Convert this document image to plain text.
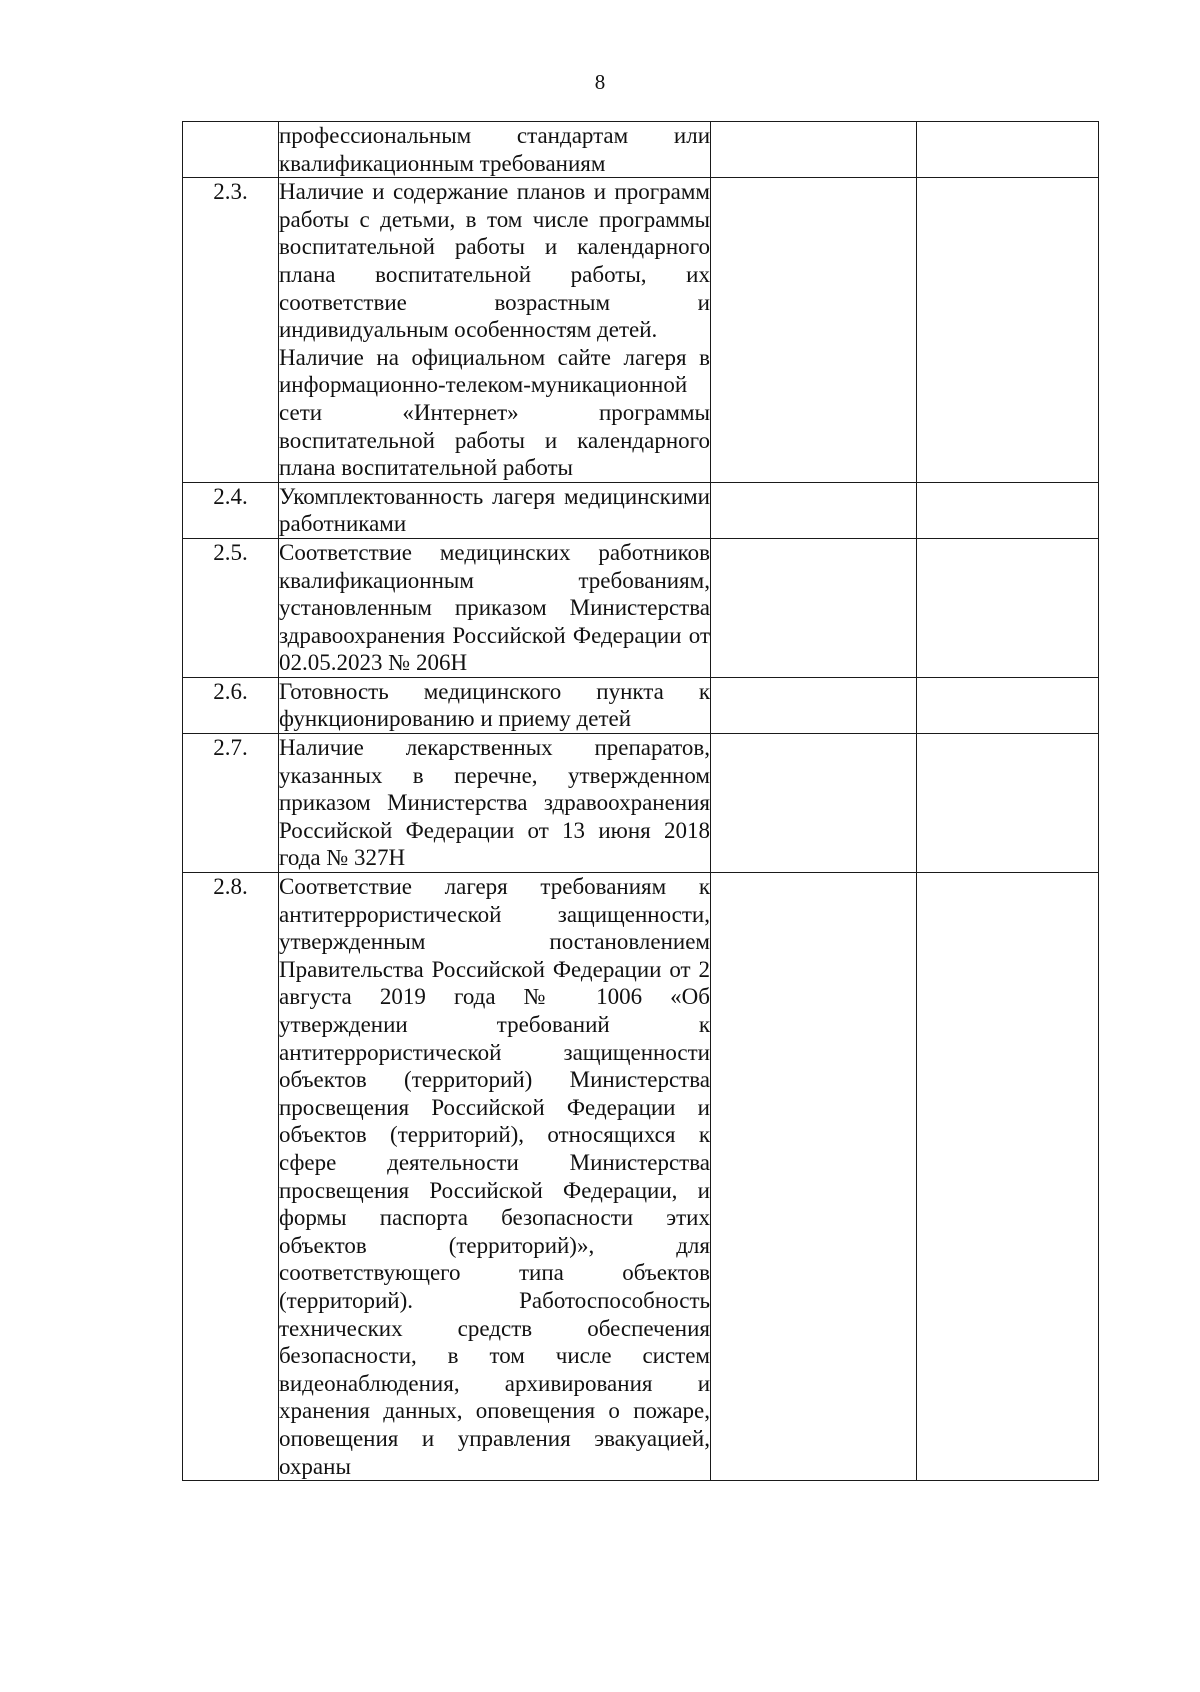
8

	профессиональным стандартам или квалификационным требованиям		

2.3.	Наличие и содержание планов и программ работы с детьми, в том числе программы воспитательной работы и календарного плана воспитательной работы, их соответствие возрастным и индивидуальным особенностям детей.
Наличие на официальном сайте лагеря в информационно-телеком-муникационной сети «Интернет» программы воспитательной работы и календарного плана воспитательной работы		

2.4.	Укомплектованность лагеря медицинскими работниками		

2.5.	Соответствие медицинских работников квалификационным требованиям, установленным приказом Министерства здравоохранения Российской Федерации от 02.05.2023 № 206Н		

2.6.	Готовность медицинского пункта к функционированию и приему детей		

2.7.	Наличие лекарственных препаратов, указанных в перечне, утвержденном приказом Министерства здравоохранения Российской Федерации от 13 июня 2018 года № 327Н		

2.8.	Соответствие лагеря требованиям к антитеррористической защищенности, утвержденным постановлением Правительства Российской Федерации от 2 августа 2019 года № 1006 «Об утверждении требований к антитеррористической защищенности объектов (территорий) Министерства просвещения Российской Федерации и объектов (территорий), относящихся к сфере деятельности Министерства просвещения Российской Федерации, и формы паспорта безопасности этих объектов (территорий)», для соответствующего типа объектов (территорий). Работоспособность технических средств обеспечения безопасности, в том числе систем видеонаблюдения, архивирования и хранения данных, оповещения о пожаре, оповещения и управления эвакуацией, охраны		
